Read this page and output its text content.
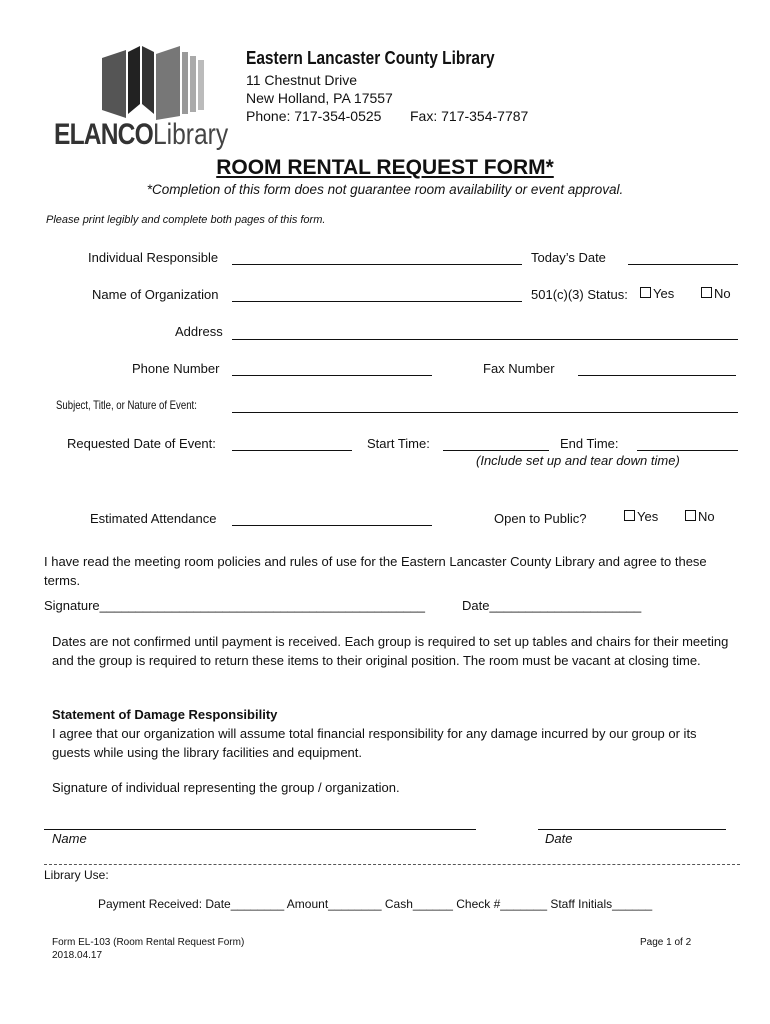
ELANCOLibrary
Eastern Lancaster County Library
11 Chestnut Drive
New Holland, PA 17557
Phone: 717-354-0525 Fax: 717-354-7787
ROOM RENTAL REQUEST FORM*
*Completion of this form does not guarantee room availability or event approval.
Please print legibly and complete both pages of this form.
Individual Responsible	Today’s Date
Name of Organization	501(c)(3) Status:	Yes	No
Address
Phone Number	Fax Number
Subject, Title, or Nature of Event:
Requested Date of Event:	Start Time:	End Time:
(Include set up and tear down time)
Estimated Attendance	Open to Public?	Yes	No
I have read the meeting room policies and rules of use for the Eastern Lancaster County Library and agree to these terms.
Signature_____________________________________________	Date_____________________
Dates are not confirmed until payment is received. Each group is required to set up tables and chairs for their meeting and the group is required to return these items to their original position. The room must be vacant at closing time.
Statement of Damage Responsibility
I agree that our organization will assume total financial responsibility for any damage incurred by our group or its guests while using the library facilities and equipment.
Signature of individual representing the group / organization.
Name	Date
Library Use:
Payment Received: Date________ Amount________ Cash______ Check #_______ Staff Initials______
Form EL-103 (Room Rental Request Form)
2018.04.17
Page 1 of 2
